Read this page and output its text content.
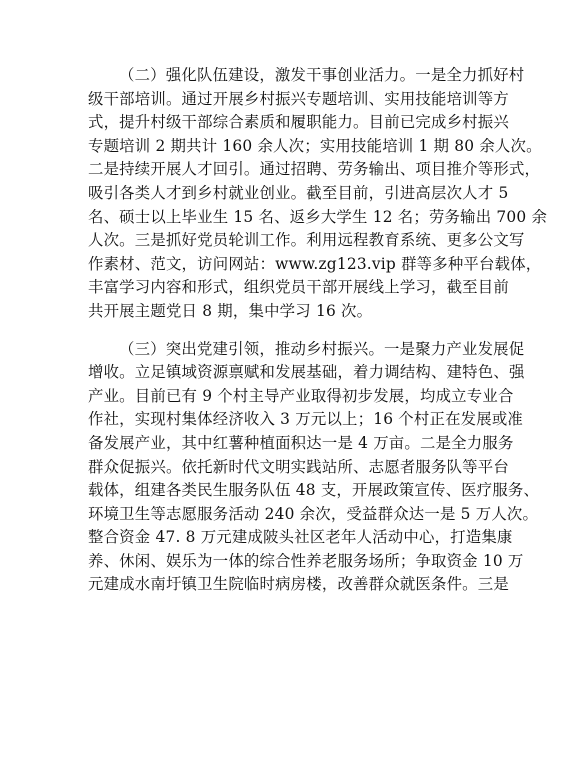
（二）强化队伍建设，激发干事创业活力。一是全力抓好村
级干部培训。通过开展乡村振兴专题培训、实用技能培训等方
式，提升村级干部综合素质和履职能力。目前已完成乡村振兴
专题培训 2 期共计 160 余人次；实用技能培训 1 期 80 余人次。
二是持续开展人才回引。通过招聘、劳务输出、项目推介等形式，
吸引各类人才到乡村就业创业。截至目前，引进高层次人才 5
名、硕士以上毕业生 15 名、返乡大学生 12 名；劳务输出 700 余
人次。三是抓好党员轮训工作。利用远程教育系统、更多公文写
作素材、范文，访问网站：www.zg123.vip 群等多种平台载体，
丰富学习内容和形式，组织党员干部开展线上学习，截至目前
共开展主题党日 8 期，集中学习 16 次。
（三）突出党建引领，推动乡村振兴。一是聚力产业发展促
增收。立足镇域资源禀赋和发展基础，着力调结构、建特色、强
产业。目前已有 9 个村主导产业取得初步发展，均成立专业合
作社，实现村集体经济收入 3 万元以上；16 个村正在发展或准
备发展产业，其中红薯种植面积达一是 4 万亩。二是全力服务
群众促振兴。依托新时代文明实践站所、志愿者服务队等平台
载体，组建各类民生服务队伍 48 支，开展政策宣传、医疗服务、
环境卫生等志愿服务活动 240 余次，受益群众达一是 5 万人次。
整合资金 47. 8 万元建成陂头社区老年人活动中心，打造集康
养、休闲、娱乐为一体的综合性养老服务场所；争取资金 10 万
元建成水南圩镇卫生院临时病房楼，改善群众就医条件。三是
